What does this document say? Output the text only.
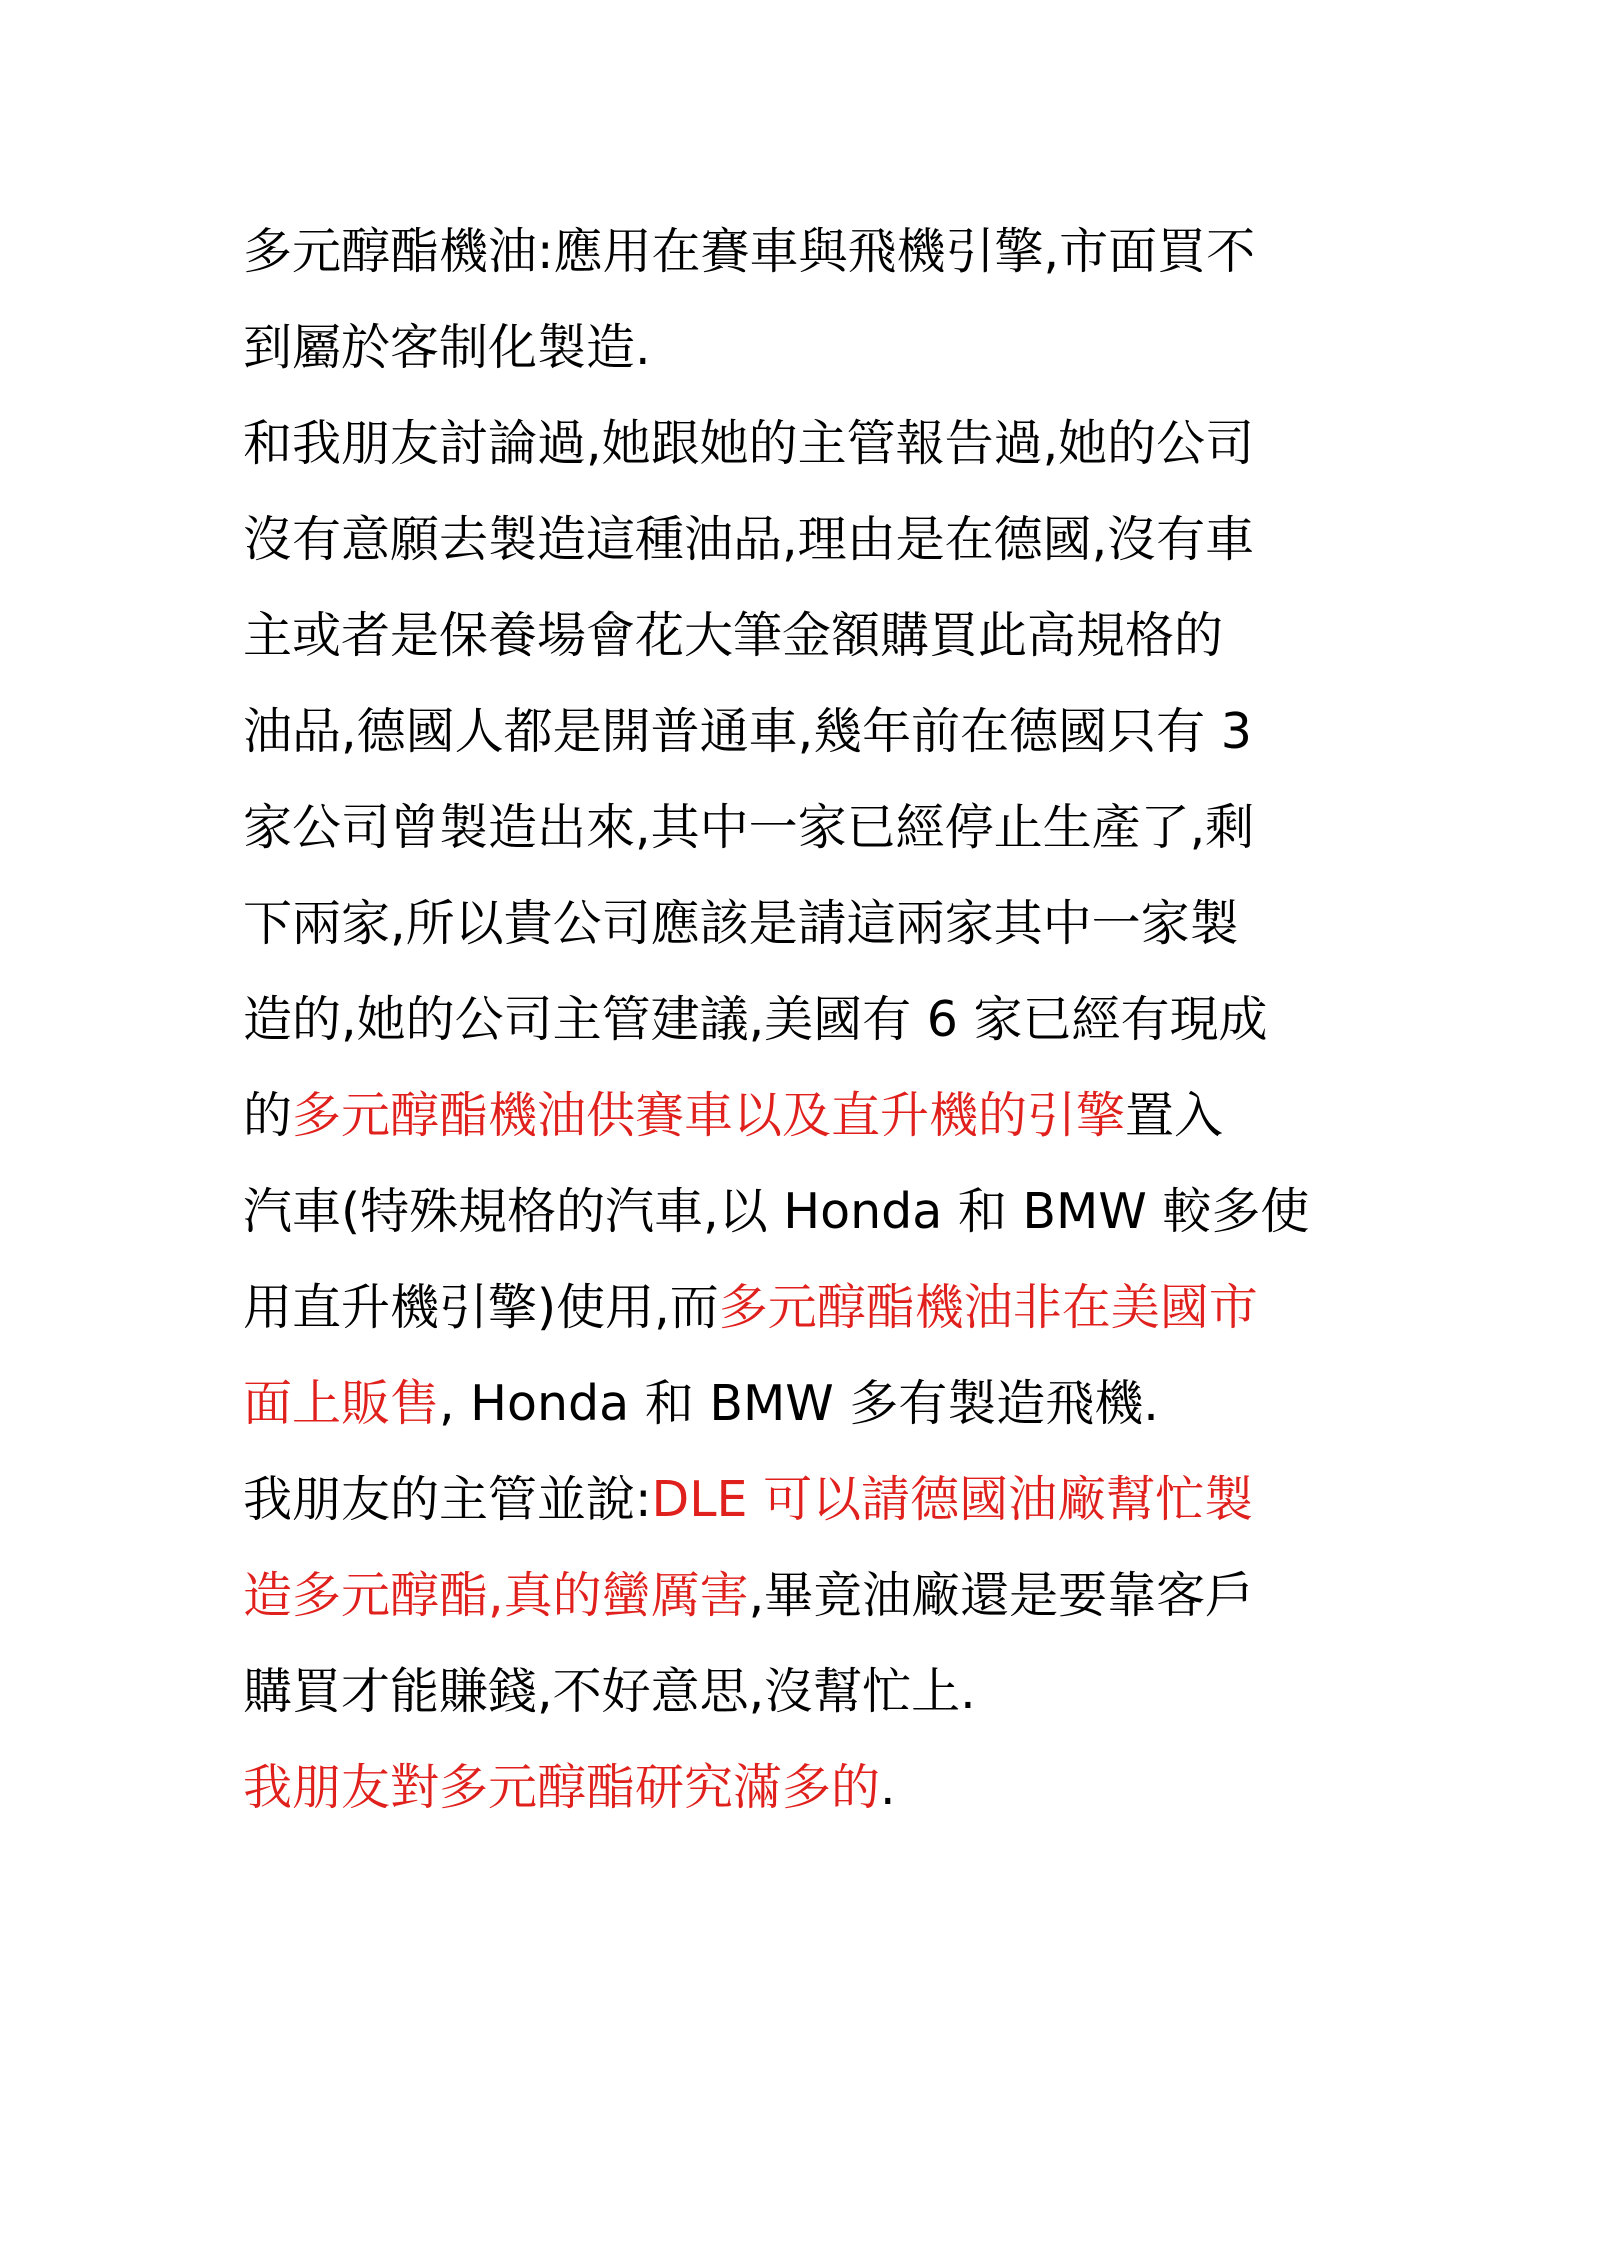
多元醇酯機油:應用在賽車與飛機引擎,市面買不
到屬於客制化製造.
和我朋友討論過,她跟她的主管報告過,她的公司
沒有意願去製造這種油品,理由是在德國,沒有車
主或者是保養場會花大筆金額購買此高規格的
油品,德國人都是開普通車,幾年前在德國只有 3
家公司曾製造出來,其中一家已經停止生產了,剩
下兩家,所以貴公司應該是請這兩家其中一家製
造的,她的公司主管建議,美國有 6 家已經有現成
的多元醇酯機油供賽車以及直升機的引擎置入
汽車(特殊規格的汽車,以 Honda 和 BMW 較多使
用直升機引擎)使用,而多元醇酯機油非在美國市
面上販售, Honda 和 BMW 多有製造飛機.
我朋友的主管並說:DLE 可以請德國油廠幫忙製
造多元醇酯,真的蠻厲害,畢竟油廠還是要靠客戶
購買才能賺錢,不好意思,沒幫忙上.
我朋友對多元醇酯研究滿多的.
